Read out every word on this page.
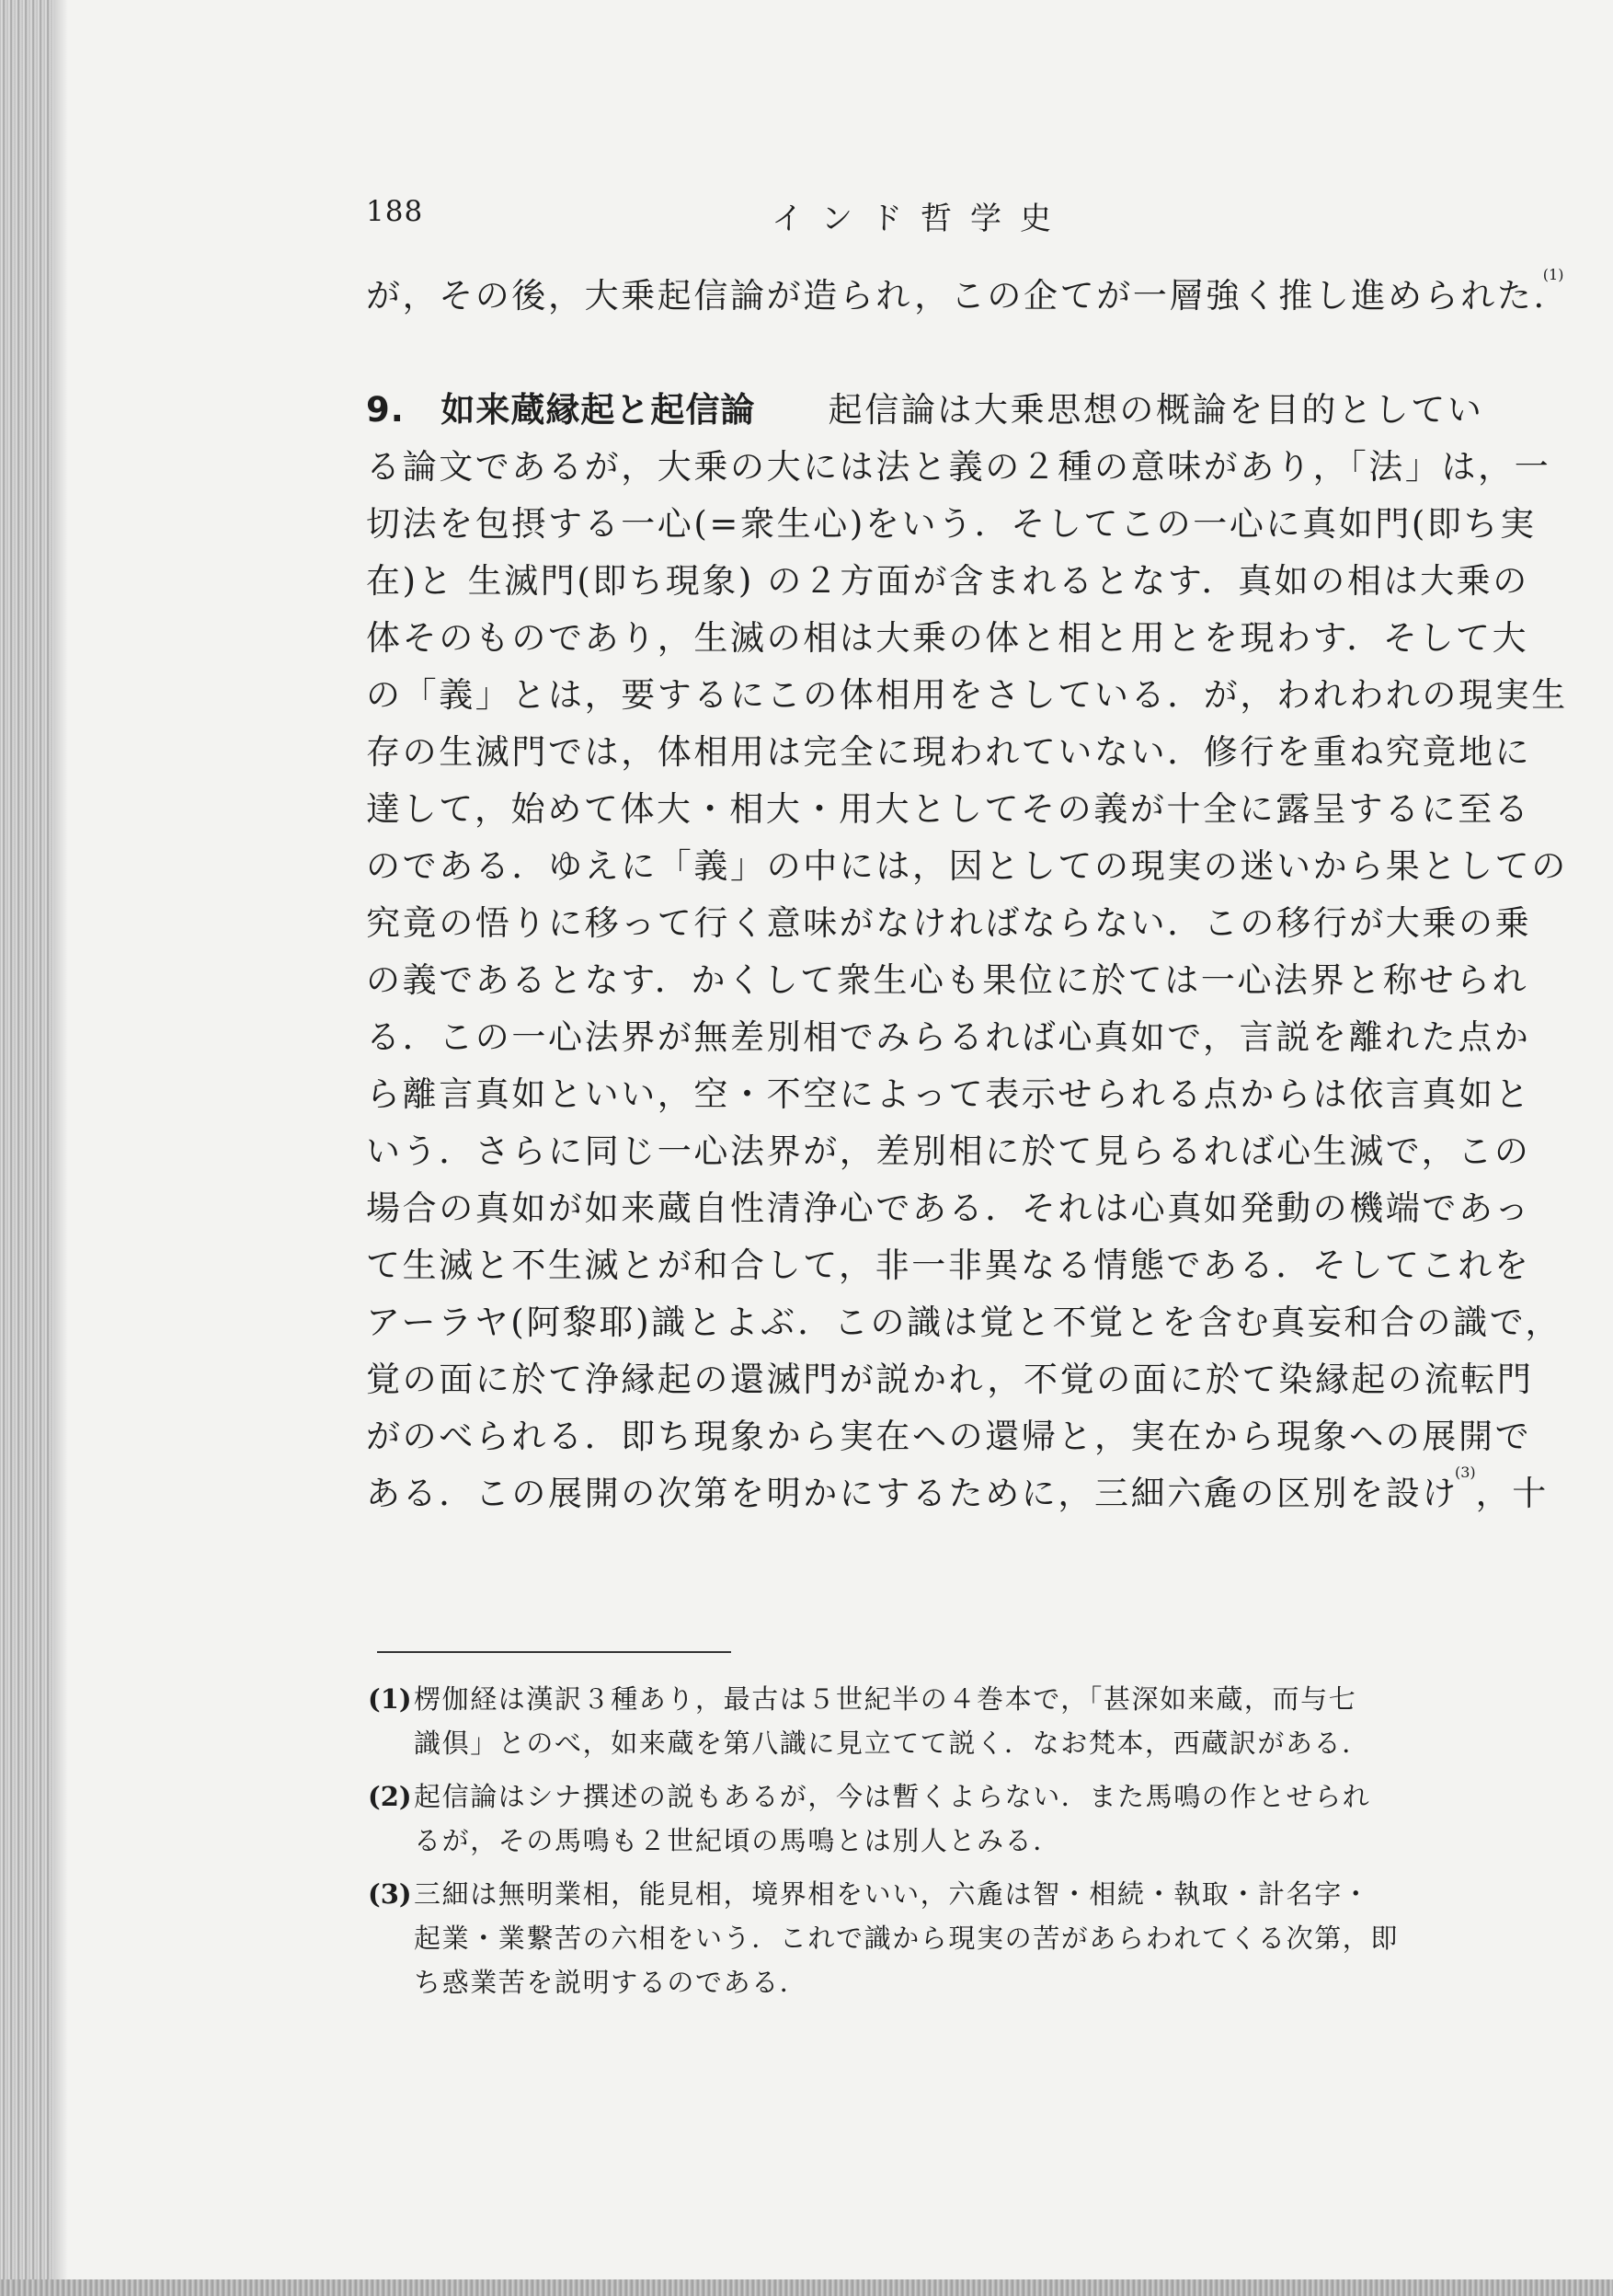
188	インド哲学史
が，その後，大乗起信論が造られ，この企てが一層強く推し進められた.$^{(1)}$
9.　 如来蔵縁起と起信論　　 起信論は大乗思想の概論を目的としてい
る論文であるが，大乗の大には法と義の２種の意味があり，「法」は，一
切法を包摂する一心(=衆生心)をいう．そしてこの一心に真如門(即ち実
在)と 生滅門(即ち現象) の２方面が含まれるとなす．真如の相は大乗の
体そのものであり，生滅の相は大乗の体と相と用とを現わす．そして大
の「義」とは，要するにこの体相用をさしている．が，われわれの現実生
存の生滅門では，体相用は完全に現われていない．修行を重ね究竟地に
達して，始めて体大・相大・用大としてその義が十全に露呈するに至る
のである．ゆえに「義」の中には，因としての現実の迷いから果としての
究竟の悟りに移って行く意味がなければならない．この移行が大乗の乗
の義であるとなす．かくして衆生心も果位に於ては一心法界と称せられ
る．この一心法界が無差別相でみらるれば心真如で，言説を離れた点か
ら離言真如といい，空・不空によって表示せられる点からは依言真如と
いう．さらに同じ一心法界が，差別相に於て見らるれば心生滅で，この
場合の真如が如来蔵自性清浄心である．それは心真如発動の機端であっ
て生滅と不生滅とが和合して，非一非異なる情態である．そしてこれを
アーラヤ(阿黎耶)識とよぶ．この識は覚と不覚とを含む真妄和合の識で，
覚の面に於て浄縁起の還滅門が説かれ，不覚の面に於て染縁起の流転門
がのべられる．即ち現象から実在への還帰と，実在から現象への展開で
ある．この展開の次第を明かにするために，三細六麁の区別を設け$^{(3)}$，十
(1)楞伽経は漢訳３種あり，最古は５世紀半の４巻本で，「甚深如来蔵，而与七
識倶」とのべ，如来蔵を第八識に見立てて説く．なお梵本，西蔵訳がある．
(2)起信論はシナ撰述の説もあるが，今は暫くよらない．また馬鳴の作とせられ
るが，その馬鳴も２世紀頃の馬鳴とは別人とみる．
(3)三細は無明業相，能見相，境界相をいい，六麁は智・相続・執取・計名字・
起業・業繋苦の六相をいう．これで識から現実の苦があらわれてくる次第，即
ち惑業苦を説明するのである．
